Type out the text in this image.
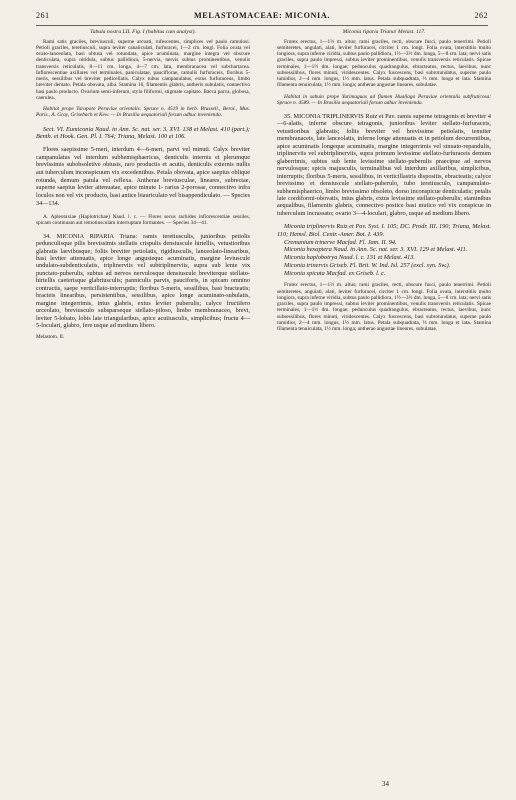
261	MELASTOMACEAE: MICONIA.	262

Tabula nostra LII. Fig. I (habitus cum analysi).

Rami satis graciles, breviusculi, superne arcuati, rufescentes, simplices vel paulo ramulosi. Petioli graciles, teretiusculi, supra leviter canaliculati, furfuracei, 1—2 cm. longi. Folia ovata vel ovato-lanceolata, basi obtusa vel rotundata, apice acuminata, margine integra vel obscure denticulata, supra nitidula, subtus pallidiora, 5-nervia, nervis subtus prominentibus, venulis transversis reticulatis, 8—11 cm. longa, 4—7 cm. lata, membranacea vel subchartacea. Inflorescentiae axillares vel terminales, paniculatae, pauciflorae, ramulis furfuraceis, floribus 5-meris, sessilibus vel breviter pedicellatis. Calyx tubus campanulatus, extus furfuraceus, limbo breviter dentato. Petala obovata, alba. Stamina 10, filamentis glabris, antheris subulatis, connectivo basi paulo producto. Ovarium semi-inferum, stylo filiformi, stigmate capitato. Bacca parva, globosa, caerulea.

Habitat prope Tarapoto Peruviae orientalis: Spruce n. 4519 in herb. Brussell., Berol., Mus. Paris., A. Gray, Grisebach et Kew. — In Brasilia aequatoriali forsan adhuc invenienda.

Sect. VI. Eumiconia Naud. in Ann. Sc. nat. ser. 3. XVI. 138 et Melast. 410 (part.); Benth. et Hook. Gen. Pl. I. 764; Triana, Melast. 100 et 106.

Flores saepissime 5-meri, interdum 4—6-meri, parvi vel minuti. Calyx breviter campanulatus vel interdum subhemisphaericus, denticulis internis et plerumque brevissimis subobsoletive obtusis, raro productis et acutis, denticulis externis nullis aut tuberculum inconspicuum vix excedentibus. Petala obovata, apice saepius oblique rotunda, demum patula vel reflexa. Antherae breviusculae, lineares, subrectae, superne saepius leviter attenuatae, apice minute 1- rarius 2-porosae, connectivo infra loculos non vel vix producto, basi antice biauriculato vel bisappendiculato. — Species 34—134.

A. Apleotaxiae (Haplotrichae) Naud. l. c. — Flores secus rachides inflorescentiae sessiles, spicam continuam aut remotiusculam interruptam formantes. — Species 34—41.

34. MICONIA RIPARIA Triana: ramis teretiusculis, junioribus petiolis pedunculisque pilis brevissimis stellatis crispulis densiuscule hirtellis, vetustioribus glabratis laevibusque; foliis breviter petiolatis, rigidiusculis, lanceolato-linearibus, basi leviter attenuatis, apice longe angustequc acuminatis, margine leviuscule undulato-subdenticulatis, triplinerviis vel subtriplinerviis, supra sub lente vix punctato-puberulis, subtus ad nervos nervulosque densiuscule breviterque stellato-hirtellis caeterisque glabriusculis; panniculis parvis, pauciforis, in spicam omnino contractis, saepe verticillato-interruptis; floribus 5-meris, sessilibus, basi bracteatis; bracteis linearibus, persistentibus, sessilibus, apice longe acuminato-subulatis, margine integerrimis, intus glabris, extus leviter puberulis; calyce fructifero urceolato, breviusculo subsparseque stellato-piloso, limbo membranaceo, brevi, leviter 5-lobato, lobis late triangularibus, apice acutiusculis, simplicibus; fructu 4—5-loculari, glabro, fere usque ad medium libero.

Melastom. II.

Miconia riparia Triana! Melast. 117.

Frutex erectus, 1—1⅔ m. altus; rami graciles, recti, obscure fusci, paulo tenerrimi. Petioli semiteretes, angulati, alati, leviter furfuracei, circiter 1 cm. longi. Folia ovata, interstitiis multo longiora, supra inferne viridia, subtus paulo pallidiora, 1½—3½ dm. longa, 5—8 cm. lata; nervi satis graciles, supra paulo impressi, subtus leviter prominentibus, venulis transversis reticulatis. Spicae terminales, 1—1½ dm. longae; pedunculus quadrangulus, ebracteatus, rectus, laevibus, nunc subsessilibus, flores minuti, viridescentes. Calyx fuscescens, basi subrotundatus, superne paulo tumidior, 2—4 mm. longus, 1½ mm. latus. Petala subquadrata, ⅔ mm. longa et lata. Stamina filamenta tenuiculata, 1½ mm. longa; antherae angustae lineares, subulatae.

Habitat in sabulo prope Yurimaguas ad flumen Huallaga Peruviae orientalis subfruticosa: Spruce n. 4589. — In Brasilia aequatoriali forsan adhuc invenienda.

35. MICONIA TRIPLINERVIS Ruiz et Pav. ramis superne tetragonis et breviter 4—6-alatis, inferne obscure tetragonis, junioribus leviter stellato-furfuraceis, vetustioribus glabratis; foliis breviter vel brevissime petiolatis, tenuiter membranaceis, late lanceolatis, inferne longe attenuatis et in petiolum decurrentibus, apice acuminatis longeque acuminatis, margine integerrimis vel sinuato-repandulis, triplinerviis vel subtriplinerviis, supra primum levissime stellato-furfuraceis demum glaberrimis, subtus sub lente levissime stellato-puberulis praecipue ad nervos nervulosque; spicis majusculis, terminalibus vel interdum axillaribus, simplicibus, interruptis; floribus 5-meris, sessilibus, in verticillastris dispositis, ebracteatis; calyce brevissimo et densiuscule stellato-puberulo, tubo teretiusculo, campanulato-subhemisphaerico, limbo brevissimo obsoleto, dorso inconspicue denticulatis; petalis late cordiformi-obovatis, intus glabris, extus levissime stellato-puberulis; staminibus aequalibus, filamentis glabris, connectivo postice basi mutico vel vix conspicue in tuberculum incrassato; ovario 3—4-loculari, glabro, usque ad medium libero.

Miconia triplinervis Ruiz et Pav. Syst. I. 105; DC. Prodr. III. 190; Triana, Melast. 110; Hemsl. Biol. Centr.-Amer. Bot. I. 439.

Cremanium trinerve Macfad. Fl. Jam. II. 94.

Miconia hexaptera Naud. in Ann. Sc. nat. ser. 3. XVI. 129 et Melast. 411.

Miconia haplobotrya Naud. l. c. 131 et Melast. 413.

Miconia trinervis Griseb. Fl. Brit. W. Ind. Isl. 257 (excl. syn. Sw.).

Miconia spicata Macfad. ex Griseb. l. c.

Frutex erectus, 1—1⅔ m. altus; rami graciles, recti, obscure fusci, paulo tenerrimi. Petioli semiteretes, angulati, alati, leviter furfuracei, circiter 1 cm. longi. Folia ovata, interstitiis multo longiora, supra inferne viridia, subtus paulo pallidiora, 1½—3½ dm. longa, 5—8 cm. lata; nervi satis graciles, supra paulo impressi, subtus leviter prominentibus, venulis transversis reticulatis. Spicae terminales, 1—1½ dm. longae; pedunculus quadrangulus, ebracteatus, rectus, laevibus, nunc subsessilibus, flores minuti, viridescentes. Calyx fuscescens, basi subrotundatus, superne paulo tumidior, 2—4 mm. longus, 1½ mm. latus. Petala subquadrata, ⅔ mm. longa et lata. Stamina filamenta tenuiculata, 1½ mm. longa; antherae angustae lineares, subulatae.

34
